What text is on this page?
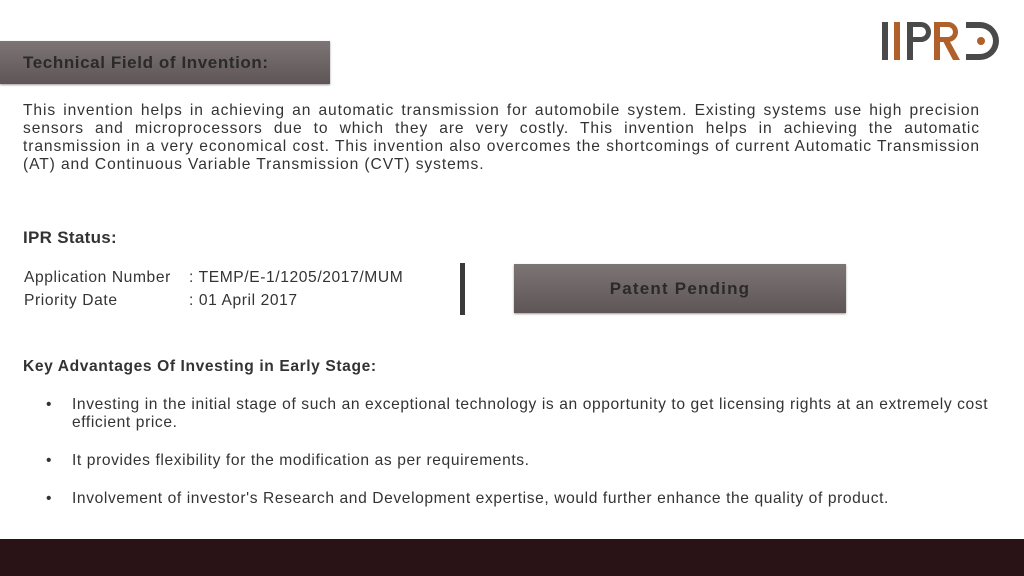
Technical Field of Invention:
This invention helps in achieving an automatic transmission for automobile system. Existing systems use high precision sensors and microprocessors due to which they are very costly. This invention helps in achieving the automatic transmission in a very economical cost. This invention also overcomes the shortcomings of current Automatic Transmission (AT) and Continuous Variable Transmission (CVT) systems.
IPR Status:
Application Number : TEMP/E-1/1205/2017/MUM
Priority Date	: 01 April 2017
Patent Pending
Key Advantages Of Investing in Early Stage:
• Investing in the initial stage of such an exceptional technology is an opportunity to get licensing rights at an extremely cost efficient price.
• It provides flexibility for the modification as per requirements.
• Involvement of investor's Research and Development expertise, would further enhance the quality of product.
